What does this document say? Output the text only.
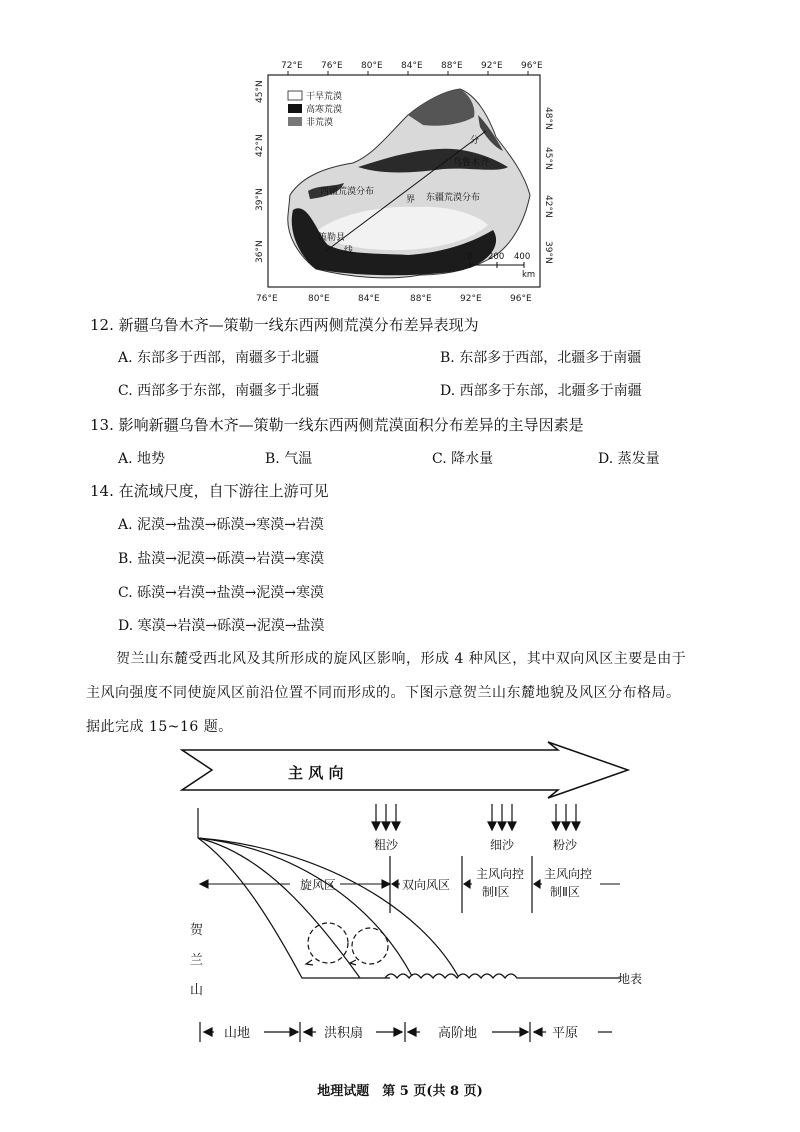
72°E 76°E 80°E 84°E 88°E 92°E 96°E
76°E	80°E	84°E	88°E	92°E	96°E
45°N
42°N
39°N
36°N
48°N
45°N
42°N
39°N
干旱荒漠
高寒荒漠
非荒漠
分
乌鲁木齐
西疆荒漠分布
界 东疆荒漠分布
策勒县
线
0 200 400
km
12. 新疆乌鲁木齐—策勒一线东西两侧荒漠分布差异表现为
A. 东部多于西部，南疆多于北疆	B. 东部多于西部，北疆多于南疆
C. 西部多于东部，南疆多于北疆	D. 西部多于东部，北疆多于南疆
13. 影响新疆乌鲁木齐—策勒一线东西两侧荒漠面积分布差异的主导因素是
A. 地势	B. 气温	C. 降水量	D. 蒸发量
14. 在流域尺度，自下游往上游可见
A. 泥漠→盐漠→砾漠→寒漠→岩漠
B. 盐漠→泥漠→砾漠→岩漠→寒漠
C. 砾漠→岩漠→盐漠→泥漠→寒漠
D. 寒漠→岩漠→砾漠→泥漠→盐漠
贺兰山东麓受西北风及其所形成的旋风区影响，形成 4 种风区，其中双向风区主要是由于
主风向强度不同使旋风区前沿位置不同而形成的。下图示意贺兰山东麓地貌及风区分布格局。
据此完成 15~16 题。
主 风 向
粗沙	细沙	粉沙
旋风区	双向风区
主风向控
制Ⅰ区
主风向控
制Ⅱ区
贺
兰
山
地表
山地	洪积扇	高阶地	平原
地理试题　第 5 页(共 8 页)
